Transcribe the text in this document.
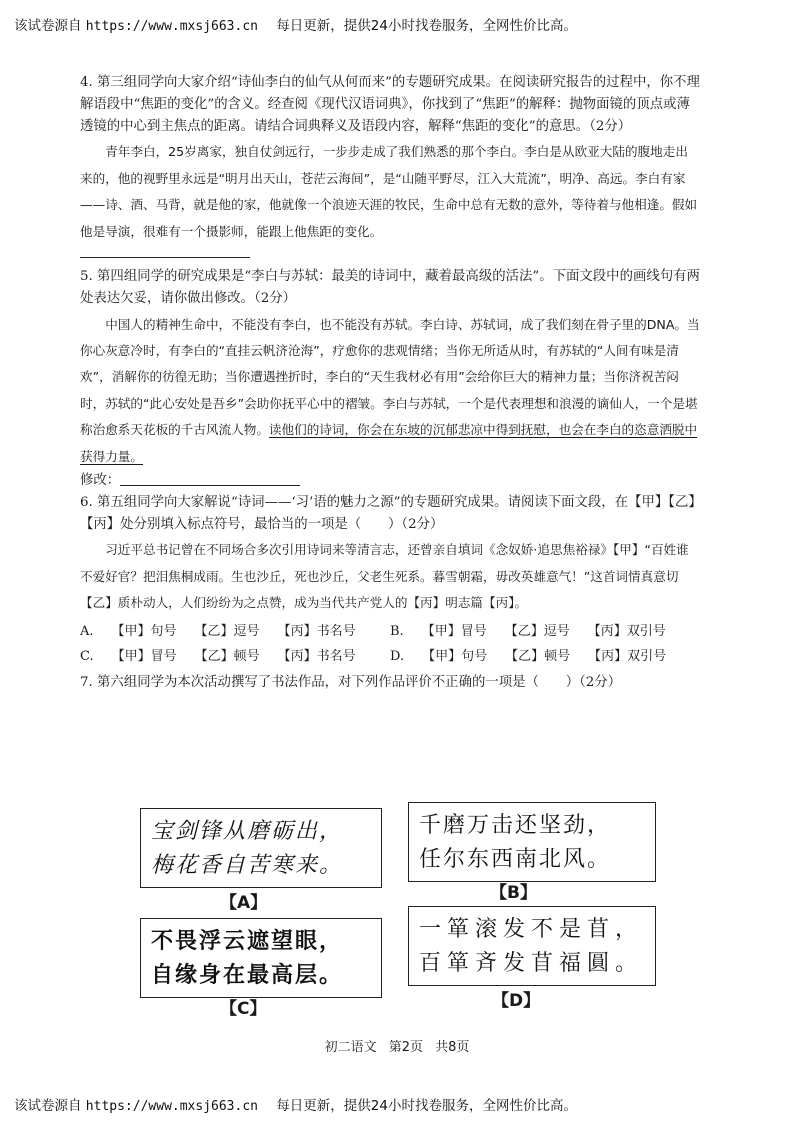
该试卷源自 https://www.mxsj663.cn 每日更新，提供24小时找卷服务，全网性价比高。

4. 第三组同学向大家介绍“诗仙李白的仙气从何而来”的专题研究成果。在阅读研究报告的过程中，你不理解语段中“焦距的变化”的含义。经查阅《现代汉语词典》，你找到了“焦距”的解释：抛物面镜的顶点或薄透镜的中心到主焦点的距离。请结合词典释义及语段内容，解释“焦距的变化”的意思。（2分）

青年李白，25岁离家，独自仗剑远行，一步步走成了我们熟悉的那个李白。李白是从欧亚大陆的腹地走出来的，他的视野里永远是“明月出天山，苍茫云海间”，是“山随平野尽，江入大荒流”，明净、高远。李白有家——诗、酒、马背，就是他的家，他就像一个浪迹天涯的牧民，生命中总有无数的意外，等待着与他相逢。假如他是导演，很难有一个摄影师，能跟上他焦距的变化。

5. 第四组同学的研究成果是“李白与苏轼：最美的诗词中，藏着最高级的活法”。下面文段中的画线句有两处表达欠妥，请你做出修改。（2分）

中国人的精神生命中，不能没有李白，也不能没有苏轼。李白诗、苏轼词，成了我们刻在骨子里的DNA。当你心灰意冷时，有李白的“直挂云帆济沧海”，疗愈你的悲观情绪；当你无所适从时，有苏轼的“人间有味是清欢”，消解你的彷徨无助；当你遭遇挫折时，李白的“天生我材必有用”会给你巨大的精神力量；当你济祝苦闷时，苏轼的“此心安处是吾乡”会助你抚平心中的褶皱。李白与苏轼，一个是代表理想和浪漫的谪仙人，一个是堪称治愈系天花板的千古风流人物。读他们的诗词，你会在东坡的沉郁悲凉中得到抚慰，也会在李白的恣意洒脱中获得力量。

修改：

6. 第五组同学向大家解说“诗词——‘习’语的魅力之源”的专题研究成果。请阅读下面文段，在【甲】【乙】【丙】处分别填入标点符号，最恰当的一项是（　　）（2分）

习近平总书记曾在不同场合多次引用诗词来等清言志，还曾亲自填词《念奴娇·追思焦裕禄》【甲】“百姓谁不爱好官？把泪焦桐成雨。生也沙丘，死也沙丘，父老生死系。暮雪朝霜，毋改英雄意气！”这首词情真意切【乙】质朴动人，人们纷纷为之点赞，成为当代共产党人的【丙】明志篇【丙】。

A. 【甲】句号 【乙】逗号 【丙】书名号	B. 【甲】冒号 【乙】逗号 【丙】双引号
C. 【甲】冒号 【乙】顿号 【丙】书名号	D. 【甲】句号 【乙】顿号 【丙】双引号

7. 第六组同学为本次活动撰写了书法作品，对下列作品评价不正确的一项是（　　）（2分）

宝剑锋从磨砺出，
梅花香自苦寒来。
【A】
千磨万击还坚劲，
任尔东西南北风。
【B】
不畏浮云遮望眼，
自缘身在最高层。
【C】
一箪滚发不是苜，
百箪斉发苜福圓。
【D】
初二语文 第2页 共8页
该试卷源自 https://www.mxsj663.cn 每日更新，提供24小时找卷服务，全网性价比高。
